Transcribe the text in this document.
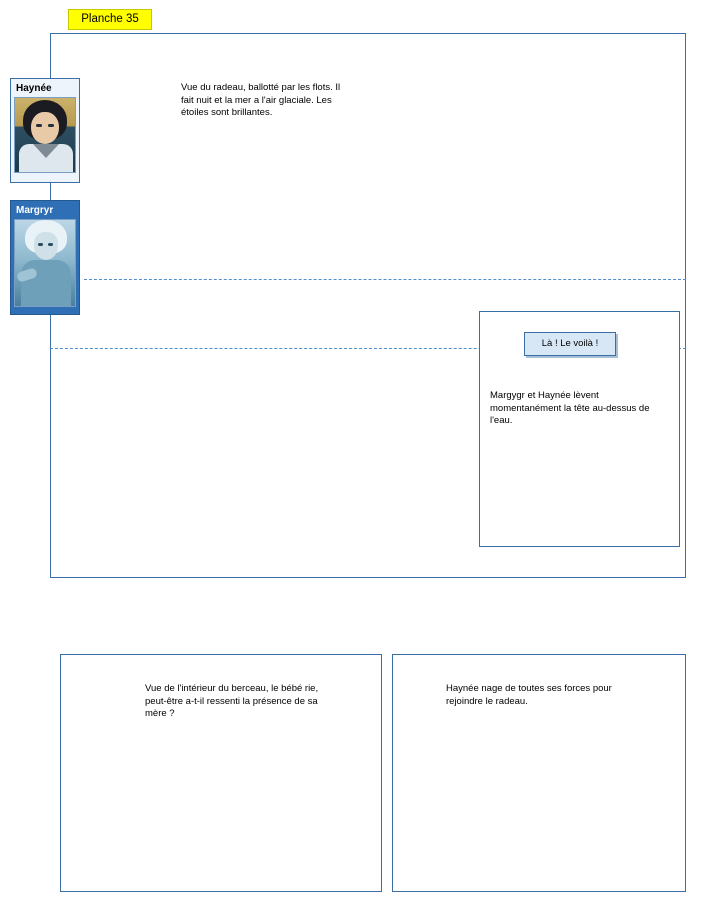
Planche 35
Haynée
Margryr
Vue du radeau, ballotté par les flots. Il fait nuit et la mer a l'air glaciale. Les étoiles sont brillantes.
Là ! Le voilà !
Margygr et Haynée lèvent momentanément la tête au-dessus de l'eau.
Vue de l'intérieur du berceau, le bébé rie, peut-être a-t-il ressenti la présence de sa mère ?
Haynée nage de toutes ses forces pour rejoindre le radeau.
